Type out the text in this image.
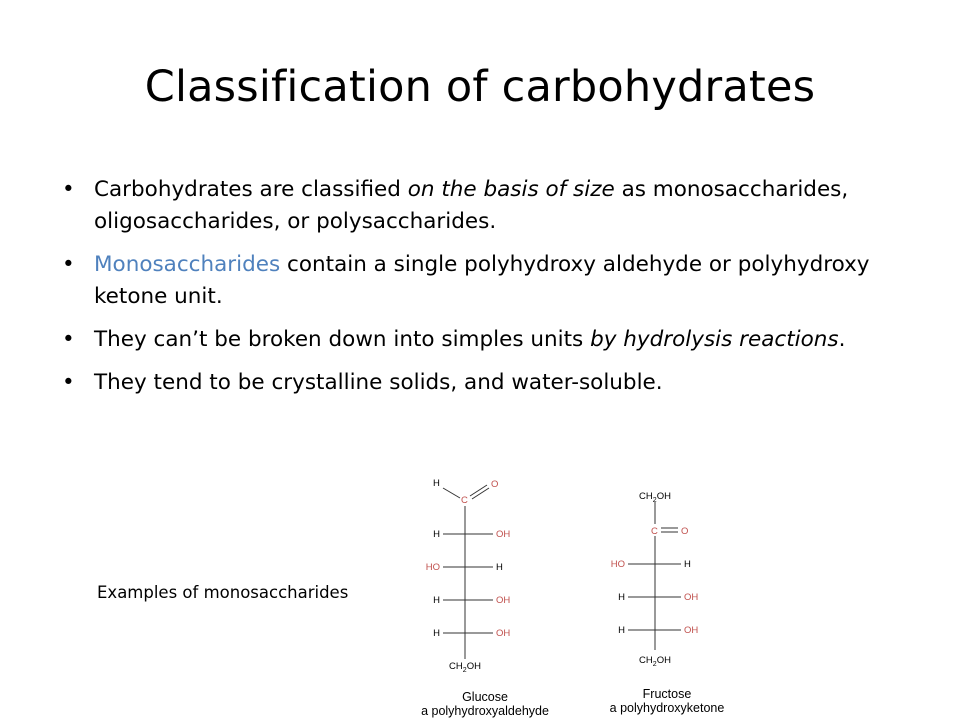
Classification of carbohydrates
• Carbohydrates are classified on the basis of size as monosaccharides, oligosaccharides, or polysaccharides.
• Monosaccharides contain a single polyhydroxy aldehyde or polyhydroxy ketone unit.
• They can’t be broken down into simples units by hydrolysis reactions.
• They tend to be crystalline solids, and water-soluble.
Examples of monosaccharides
H
C
O
H	OH
HO	H
H	OH
H	OH
$CH_2OH$
Glucose
a polyhydroxyaldehyde
$CH_2OH$
C O
HO	H
H	OH
H	OH
$CH_2OH$
Fructose
a polyhydroxyketone
